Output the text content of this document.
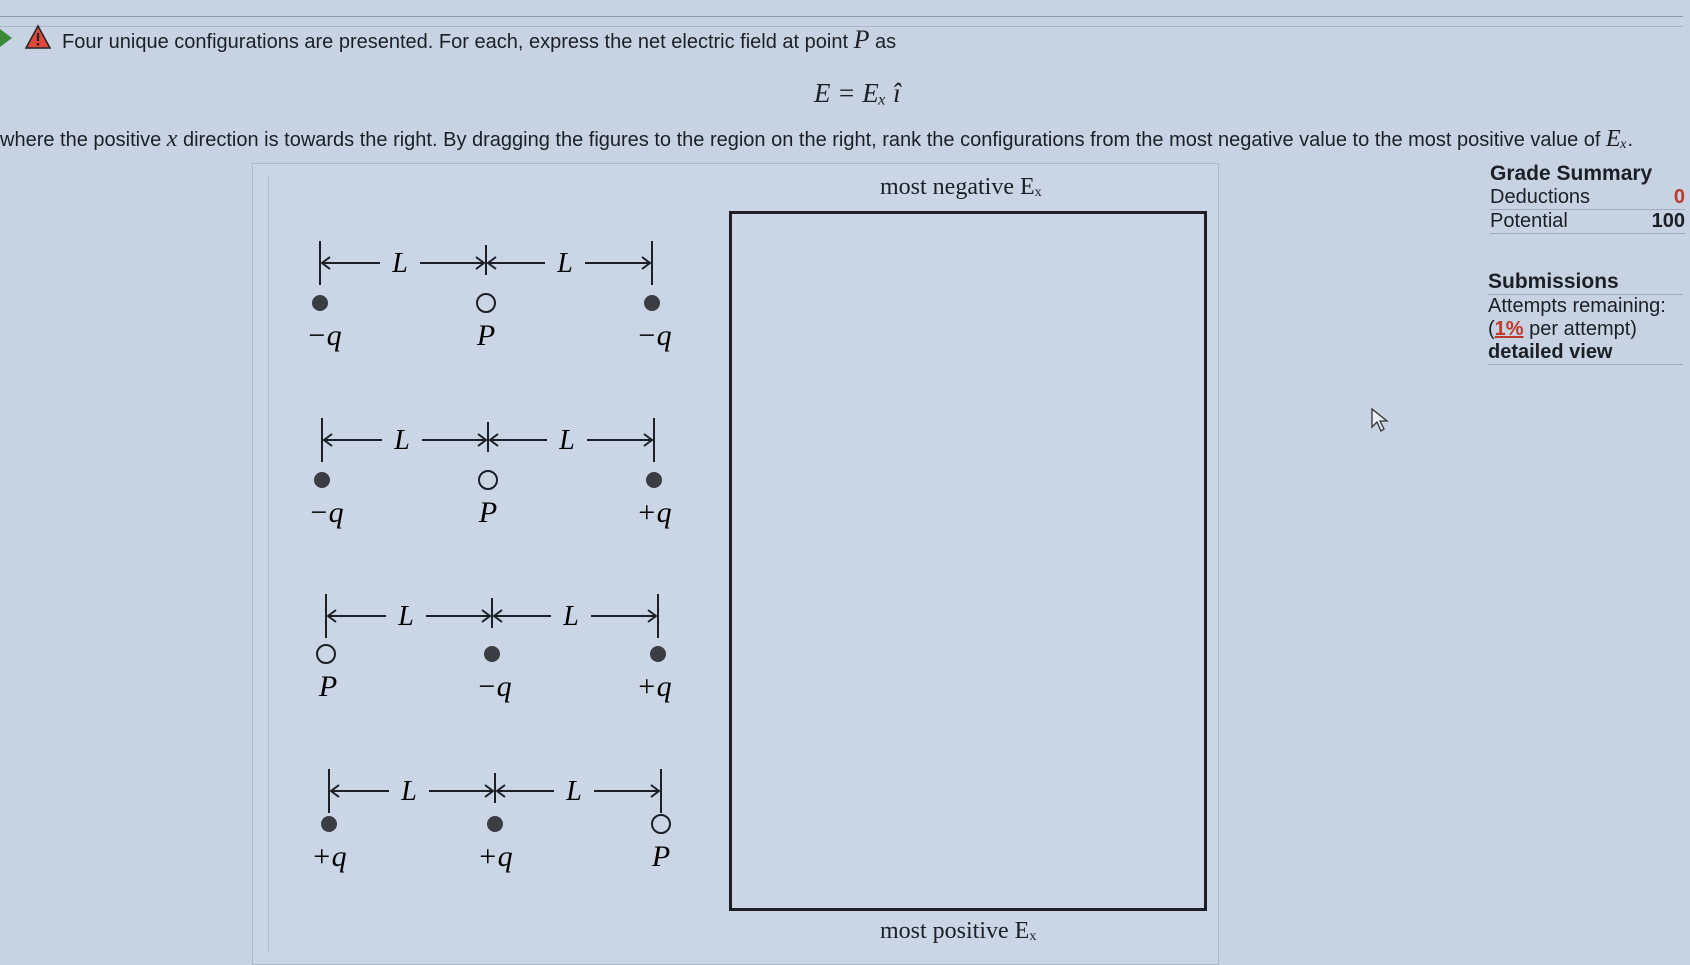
Four unique configurations are presented. For each, express the net electric field at point P as
E = Eₓ î
where the positive x direction is towards the right. By dragging the figures to the region on the right, rank the configurations from the most negative value to the most positive value of Eₓ.
most negative Eₓ
most positive Eₓ
L	L
−q	P	−q
L	L
−q	P	+q
L	L
P	−q	+q
L	L
+q	+q	P
Grade Summary
Deductions	0
Potential	100
Submissions
Attempts remaining:
(1% per attempt)
detailed view
